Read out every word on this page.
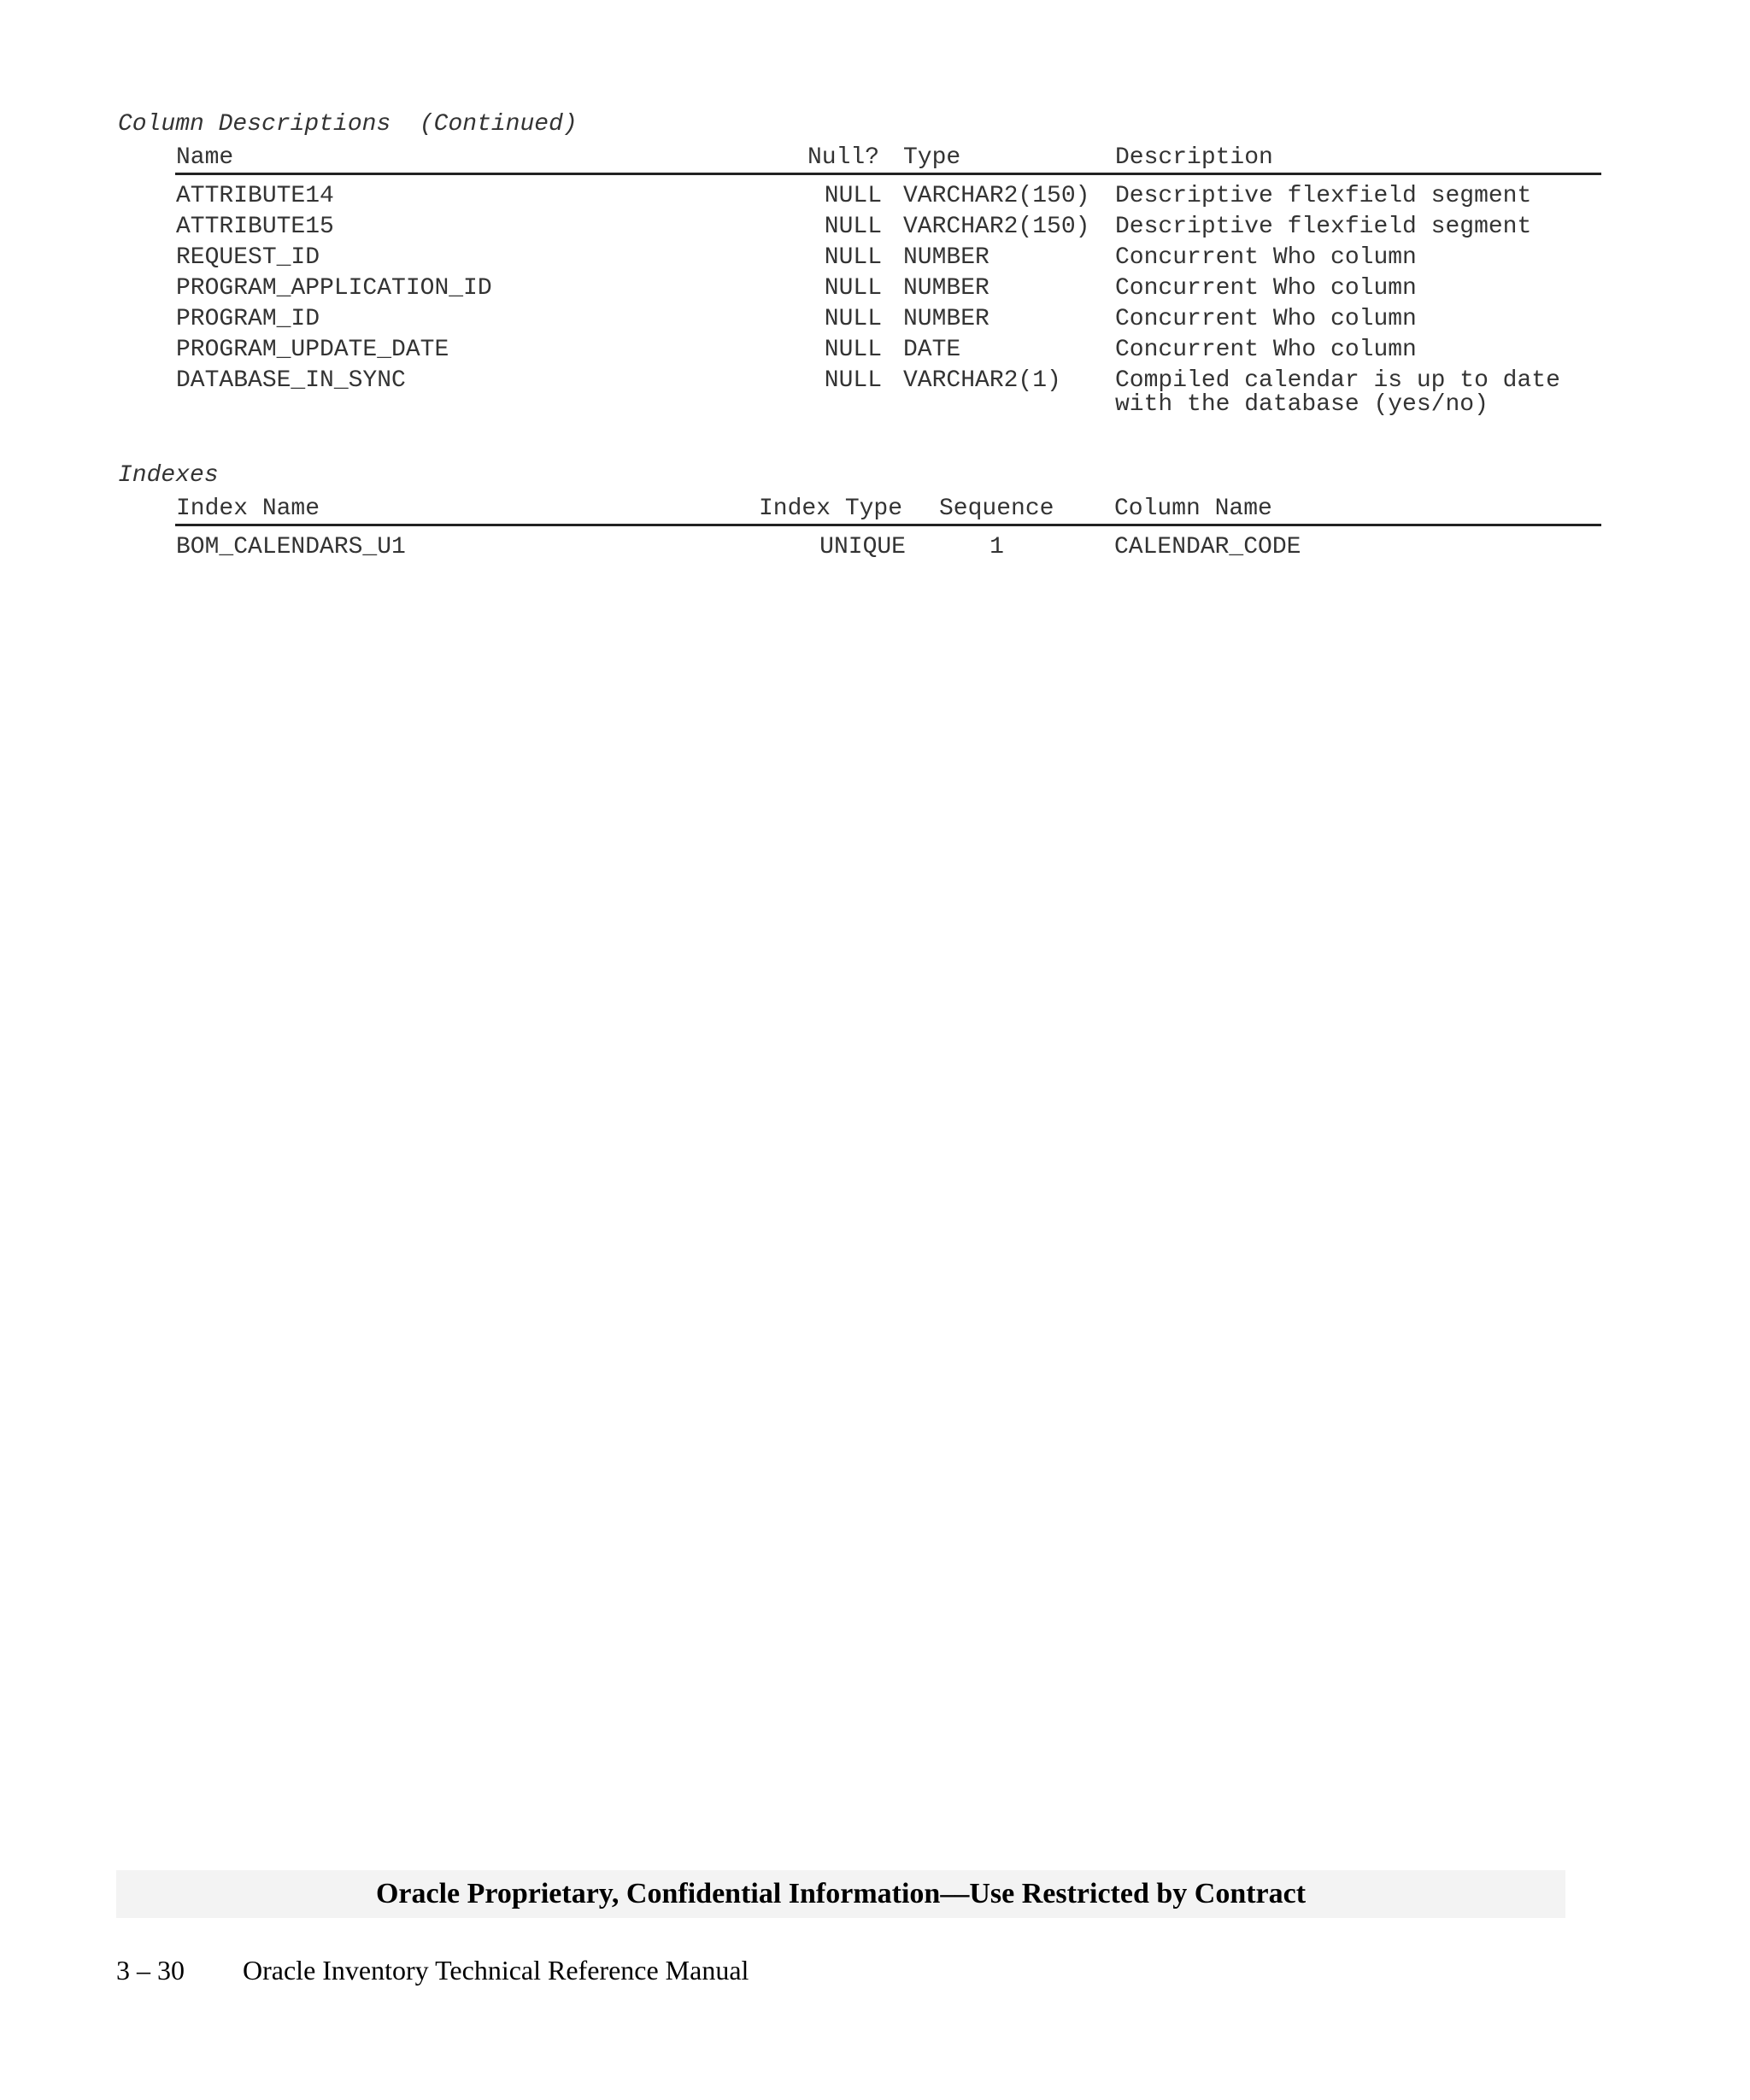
Column Descriptions  (Continued)
Name	Null? Type	Description
ATTRIBUTE14	NULL VARCHAR2(150) Descriptive flexfield segment
ATTRIBUTE15	NULL VARCHAR2(150) Descriptive flexfield segment
REQUEST_ID	NULL NUMBER	Concurrent Who column
PROGRAM_APPLICATION_ID	NULL NUMBER	Concurrent Who column
PROGRAM_ID	NULL NUMBER	Concurrent Who column
PROGRAM_UPDATE_DATE	NULL DATE	Concurrent Who column
DATABASE_IN_SYNC	NULL VARCHAR2(1) Compiled calendar is up to date
with the database (yes/no)
Indexes
Index Name	Index Type Sequence	Column Name
BOM_CALENDARS_U1	UNIQUE	1	CALENDAR_CODE
Oracle Proprietary, Confidential Information––Use Restricted by Contract
3 – 30 Oracle Inventory Technical Reference Manual
